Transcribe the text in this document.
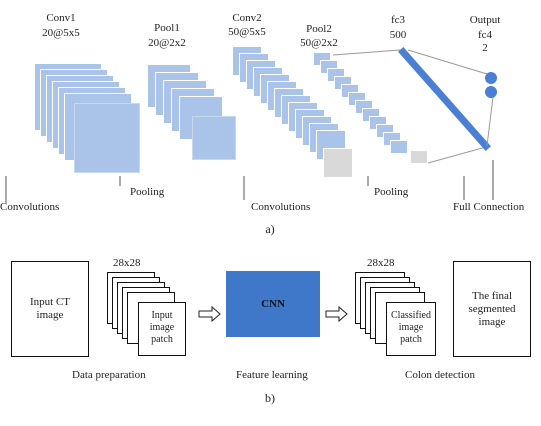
Conv1
20@5x5	Pool1
20@2x2
Conv2
50@5x5	Pool2
50@2x2
fc3
500
Output
fc4
2
Convolutions
Pooling
Convolutions
Pooling
Full Connection
a)
Input CT
image
28x28
Input
image
patch
CNN
28x28
Classified
image
patch
The final
segmented
image
Data preparation	Feature learning	Colon detection
b)
